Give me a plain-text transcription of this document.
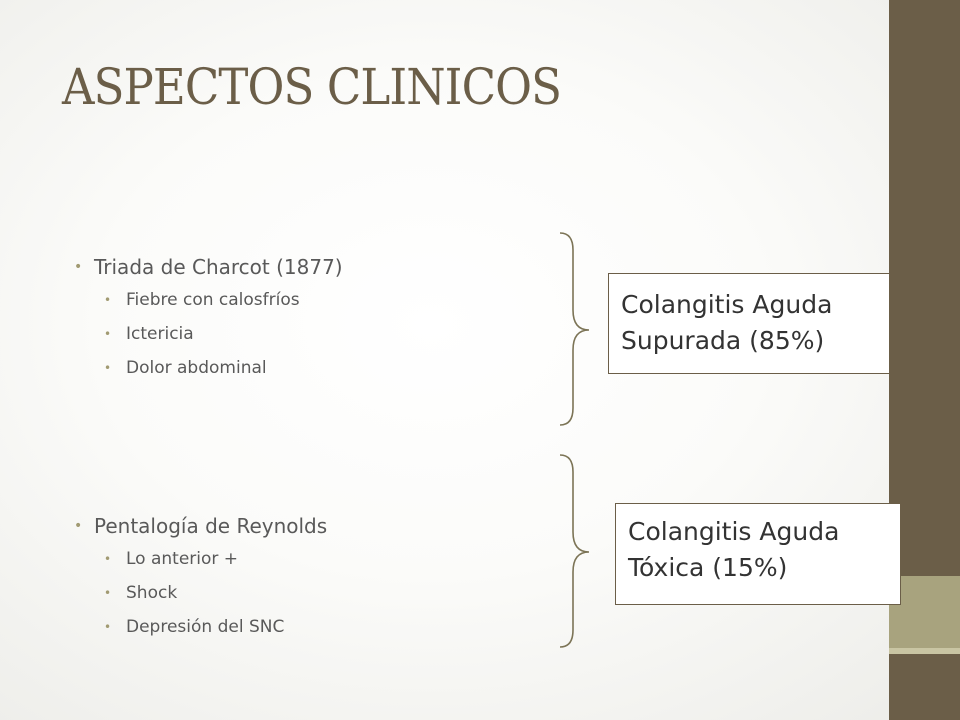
ASPECTOS CLINICOS
• Triada de Charcot (1877)
• Fiebre con calosfríos
• Ictericia
• Dolor abdominal
• Pentalogía de Reynolds
• Lo anterior +
• Shock
• Depresión del SNC
Colangitis Aguda
Supurada (85%)
Colangitis Aguda
Tóxica (15%)
